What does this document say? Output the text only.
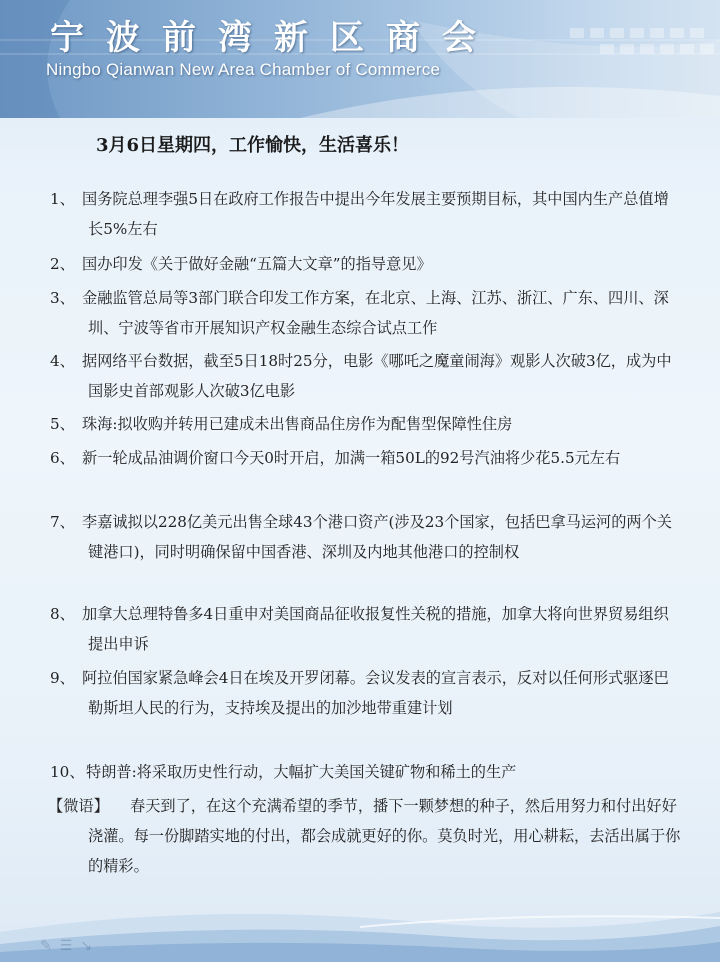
宁波前湾新区商会
Ningbo Qianwan New Area Chamber of Commerce
3月6日星期四，工作愉快，生活喜乐！
1、 国务院总理李强5日在政府工作报告中提出今年发展主要预期目标，其中国内生产总值增长5%左右
2、 国办印发《关于做好金融“五篇大文章”的指导意见》
3、 金融监管总局等3部门联合印发工作方案，在北京、上海、江苏、浙江、广东、四川、深圳、宁波等省市开展知识产权金融生态综合试点工作
4、 据网络平台数据，截至5日18时25分，电影《哪吒之魔童闹海》观影人次破3亿，成为中国影史首部观影人次破3亿电影
5、 珠海:拟收购并转用已建成未出售商品住房作为配售型保障性住房
6、 新一轮成品油调价窗口今天0时开启，加满一箱50L的92号汽油将少花5.5元左右
7、 李嘉诚拟以228亿美元出售全球43个港口资产(涉及23个国家，包括巴拿马运河的两个关键港口)，同时明确保留中国香港、深圳及内地其他港口的控制权
8、 加拿大总理特鲁多4日重申对美国商品征收报复性关税的措施，加拿大将向世界贸易组织提出申诉
9、 阿拉伯国家紧急峰会4日在埃及开罗闭幕。会议发表的宣言表示，反对以任何形式驱逐巴勒斯坦人民的行为，支持埃及提出的加沙地带重建计划
10、 特朗普:将采取历史性行动，大幅扩大美国关键矿物和稀土的生产
【微语】	春天到了，在这个充满希望的季节，播下一颗梦想的种子，然后用努力和付出好好浇灌。每一份脚踏实地的付出，都会成就更好的你。莫负时光，用心耕耘，去活出属于你的精彩。
✎ ☰ ↘
